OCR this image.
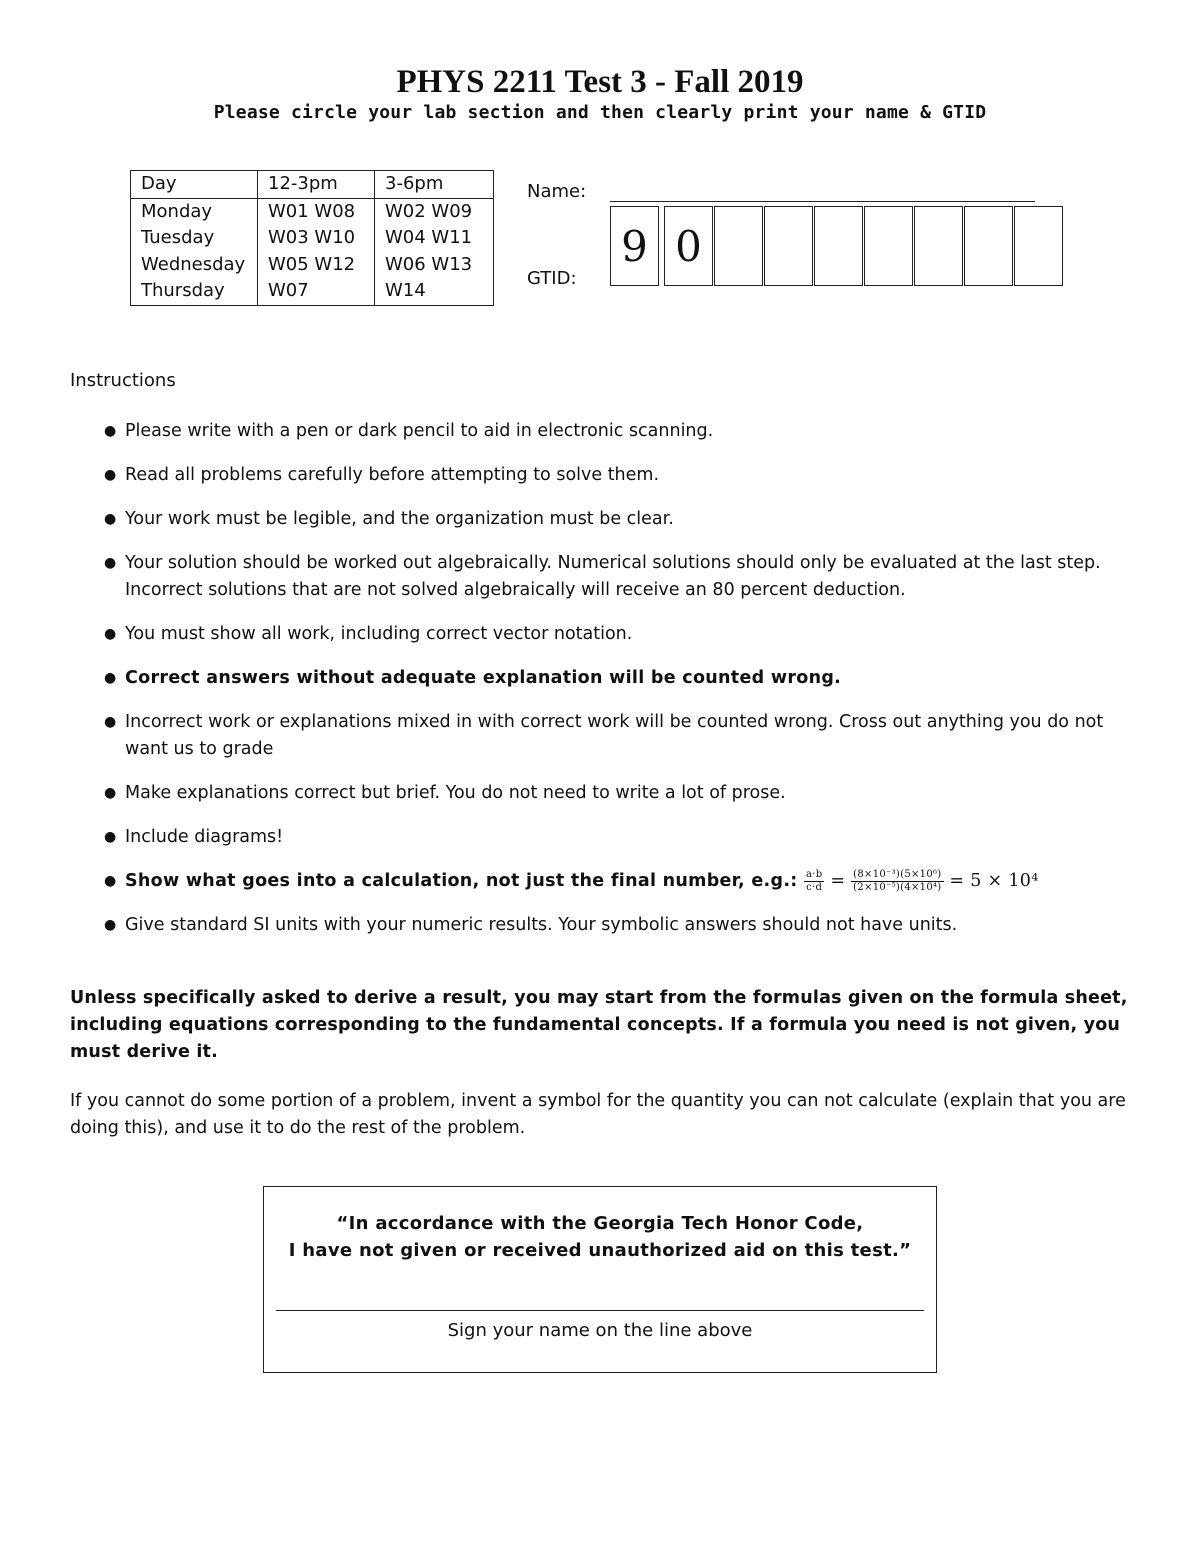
PHYS 2211 Test 3 - Fall 2019
Please circle your lab section and then clearly print your name & GTID
Day	12-3pm	3-6pm
Monday	W01 W08	W02 W09
Tuesday	W03 W10	W04 W11
Wednesday	W05 W12	W06 W13
Thursday	W07	W14
Name:
GTID:
9 0
Instructions
● Please write with a pen or dark pencil to aid in electronic scanning.
● Read all problems carefully before attempting to solve them.
● Your work must be legible, and the organization must be clear.
● Your solution should be worked out algebraically. Numerical solutions should only be evaluated at the last step. Incorrect solutions that are not solved algebraically will receive an 80 percent deduction.
● You must show all work, including correct vector notation.
● Correct answers without adequate explanation will be counted wrong.
● Incorrect work or explanations mixed in with correct work will be counted wrong. Cross out anything you do not want us to grade
● Make explanations correct but brief. You do not need to write a lot of prose.
● Include diagrams!
● Show what goes into a calculation, not just the final number, e.g.: $\frac{a\cdot b}{c\cdot d} = \frac{\text{(8×10⁻³)(5×10⁶)}}{\text{(2×10⁻⁵)(4×10⁴)}} = 5 \times 10^4$
● Give standard SI units with your numeric results. Your symbolic answers should not have units.

Unless specifically asked to derive a result, you may start from the formulas given on the formula sheet, including equations corresponding to the fundamental concepts. If a formula you need is not given, you must derive it.

If you cannot do some portion of a problem, invent a symbol for the quantity you can not calculate (explain that you are doing this), and use it to do the rest of the problem.

“In accordance with the Georgia Tech Honor Code,
I have not given or received unauthorized aid on this test.”
Sign your name on the line above
